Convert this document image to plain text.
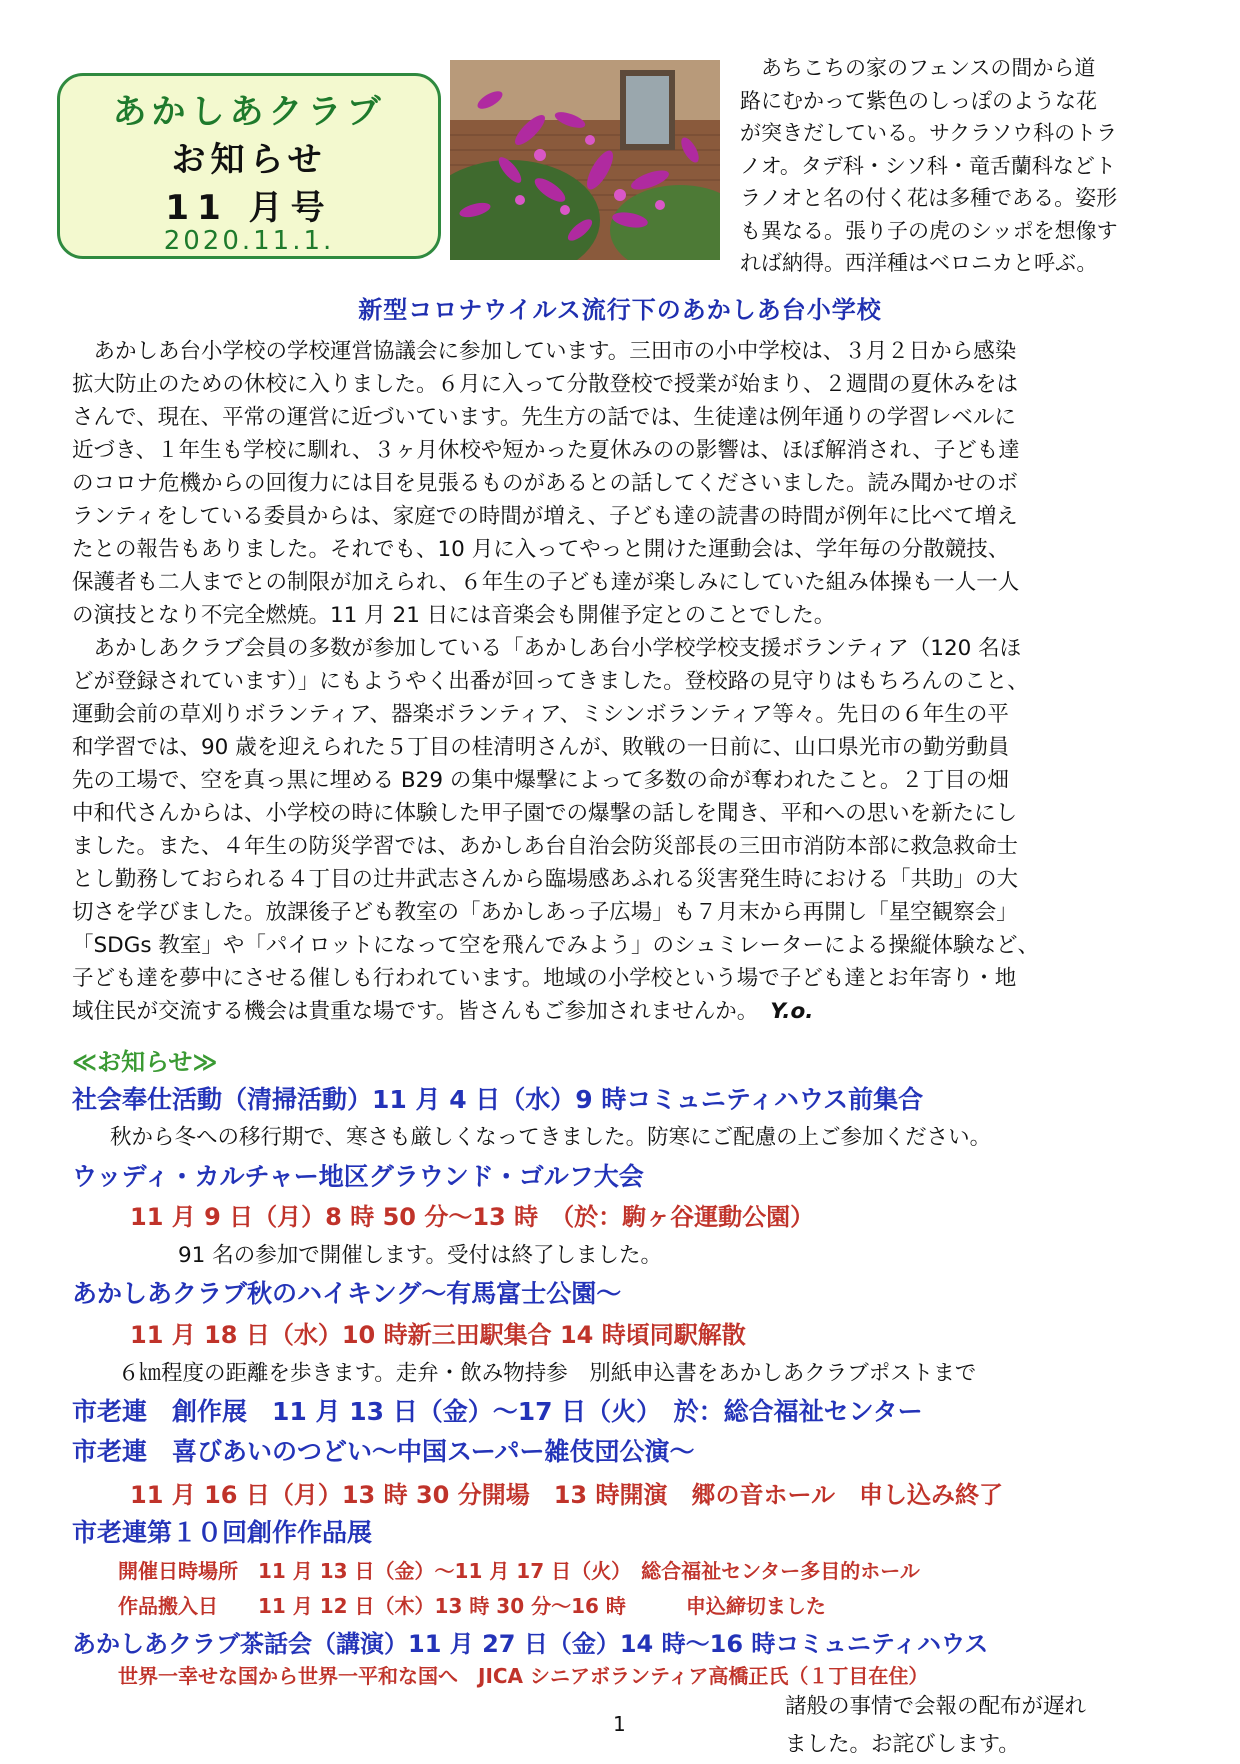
あかしあクラブ
お知らせ
11 月号
2020.11.1.
　あちこちの家のフェンスの間から道
路にむかって紫色のしっぽのような花
が突きだしている。サクラソウ科のトラ
ノオ。タデ科・シソ科・竜舌蘭科などト
ラノオと名の付く花は多種である。姿形
も異なる。張り子の虎のシッポを想像す
れば納得。西洋種はベロニカと呼ぶ。
新型コロナウイルス流行下のあかしあ台小学校
　あかしあ台小学校の学校運営協議会に参加しています。三田市の小中学校は、３月２日から感染
拡大防止のための休校に入りました。６月に入って分散登校で授業が始まり、２週間の夏休みをは
さんで、現在、平常の運営に近づいています。先生方の話では、生徒達は例年通りの学習レベルに
近づき、１年生も学校に馴れ、３ヶ月休校や短かった夏休みのの影響は、ほぼ解消され、子ども達
のコロナ危機からの回復力には目を見張るものがあるとの話してくださいました。読み聞かせのボ
ランティをしている委員からは、家庭での時間が増え、子ども達の読書の時間が例年に比べて増え
たとの報告もありました。それでも、10 月に入ってやっと開けた運動会は、学年毎の分散競技、
保護者も二人までとの制限が加えられ、６年生の子ども達が楽しみにしていた組み体操も一人一人
の演技となり不完全燃焼。11 月 21 日には音楽会も開催予定とのことでした。
　あかしあクラブ会員の多数が参加している「あかしあ台小学校学校支援ボランティア（120 名ほ
どが登録されています）」にもようやく出番が回ってきました。登校路の見守りはもちろんのこと、
運動会前の草刈りボランティア、器楽ボランティア、ミシンボランティア等々。先日の６年生の平
和学習では、90 歳を迎えられた５丁目の桂清明さんが、敗戦の一日前に、山口県光市の勤労動員
先の工場で、空を真っ黒に埋める B29 の集中爆撃によって多数の命が奪われたこと。２丁目の畑
中和代さんからは、小学校の時に体験した甲子園での爆撃の話しを聞き、平和への思いを新たにし
ました。また、４年生の防災学習では、あかしあ台自治会防災部長の三田市消防本部に救急救命士
とし勤務しておられる４丁目の辻井武志さんから臨場感あふれる災害発生時における「共助」の大
切さを学びました。放課後子ども教室の「あかしあっ子広場」も７月末から再開し「星空観察会」
「SDGs 教室」や「パイロットになって空を飛んでみよう」のシュミレーターによる操縦体験など、
子ども達を夢中にさせる催しも行われています。地域の小学校という場で子ども達とお年寄り・地
域住民が交流する機会は貴重な場です。皆さんもご参加されませんか。 Y.o.
≪お知らせ≫
社会奉仕活動（清掃活動）11 月 4 日（水）9 時コミュニティハウス前集合
秋から冬への移行期で、寒さも厳しくなってきました。防寒にご配慮の上ご参加ください。
ウッディ・カルチャー地区グラウンド・ゴルフ大会
11 月 9 日（月）8 時 50 分～13 時　（於：駒ヶ谷運動公園）
91 名の参加で開催します。受付は終了しました。
あかしあクラブ秋のハイキング～有馬富士公園～
11 月 18 日（水）10 時新三田駅集合 14 時頃同駅解散
６㎞程度の距離を歩きます。走弁・飲み物持参　別紙申込書をあかしあクラブポストまで
市老連　創作展　11 月 13 日（金）～17 日（火）　於：総合福祉センター
市老連　喜びあいのつどい～中国スーパー雑伎団公演～
11 月 16 日（月）13 時 30 分開場　13 時開演　郷の音ホール　申し込み終了
市老連第１０回創作作品展
開催日時場所　11 月 13 日（金）～11 月 17 日（火）　総合福祉センター多目的ホール
作品搬入日　　11 月 12 日（木）13 時 30 分～16 時　　　申込締切ました
あかしあクラブ茶話会（講演）11 月 27 日（金）14 時～16 時コミュニティハウス
世界一幸せな国から世界一平和な国へ　JICA シニアボランティア高橋正氏（１丁目在住）
諸般の事情で会報の配布が遅れ
ました。お詫びします。
1
